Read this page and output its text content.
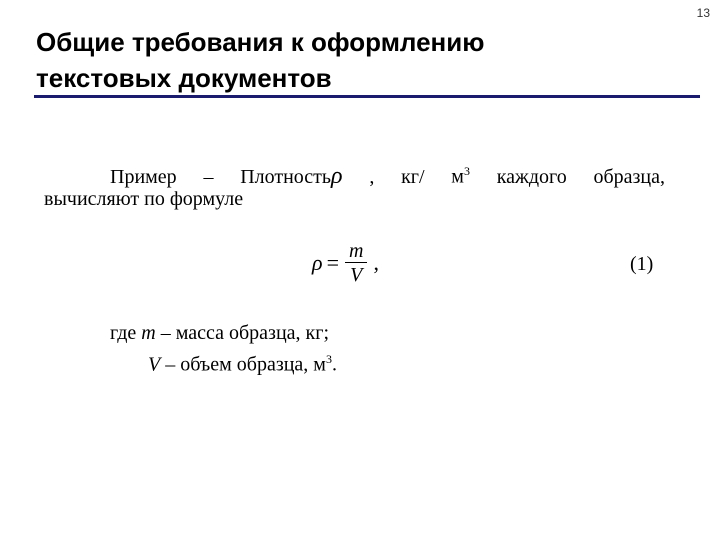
13
Общие требования к оформлению
текстовых документов
Пример – Плотностьρ , кг/ $м^3$ каждого образца,
вычисляют по формуле
$\rho = \frac{m}{V}$ ,	(1)
где m – масса образца, кг;
V – объем образца, $м^3$.
